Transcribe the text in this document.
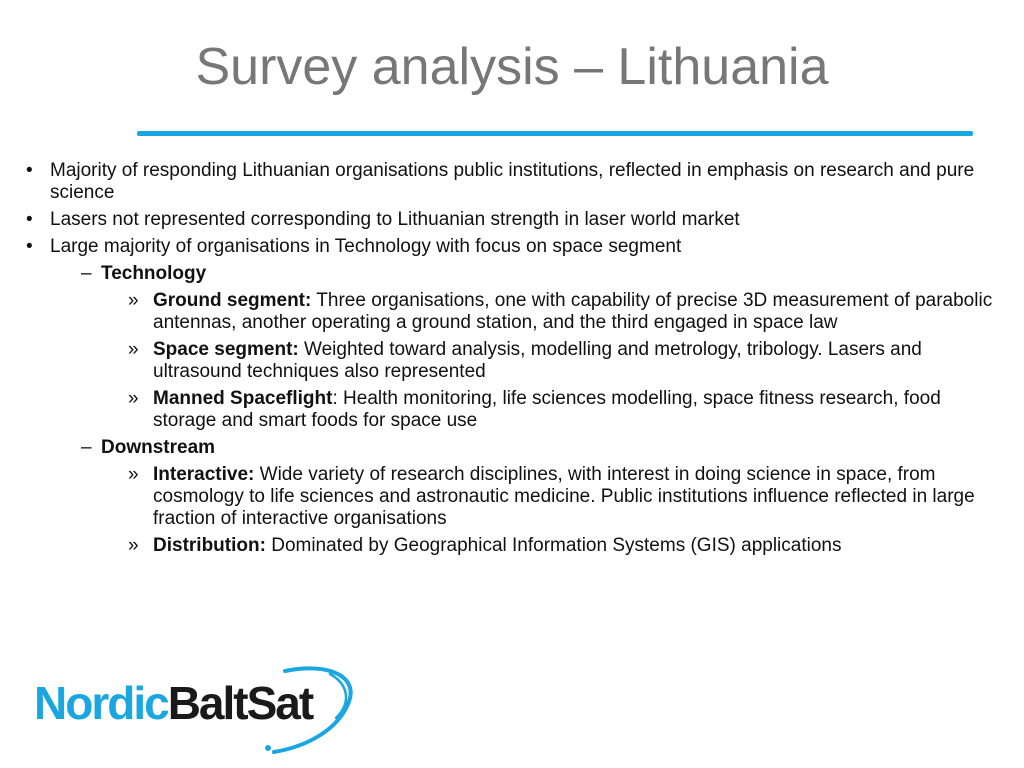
Survey analysis – Lithuania
• Majority of responding Lithuanian organisations public institutions, reflected in emphasis on research and pure science
• Lasers not represented corresponding to Lithuanian strength in laser world market
• Large majority of organisations in Technology with focus on space segment
– Technology
» Ground segment: Three organisations, one with capability of precise 3D measurement of parabolic antennas, another operating a ground station, and the third engaged in space law
» Space segment: Weighted toward analysis, modelling and metrology, tribology. Lasers and ultrasound techniques also represented
» Manned Spaceflight: Health monitoring, life sciences modelling, space fitness research, food storage and smart foods for space use
– Downstream
» Interactive: Wide variety of research disciplines, with interest in doing science in space, from cosmology to life sciences and astronautic medicine. Public institutions influence reflected in large fraction of interactive organisations
» Distribution: Dominated by Geographical Information Systems (GIS) applications
NordicBaltSat
